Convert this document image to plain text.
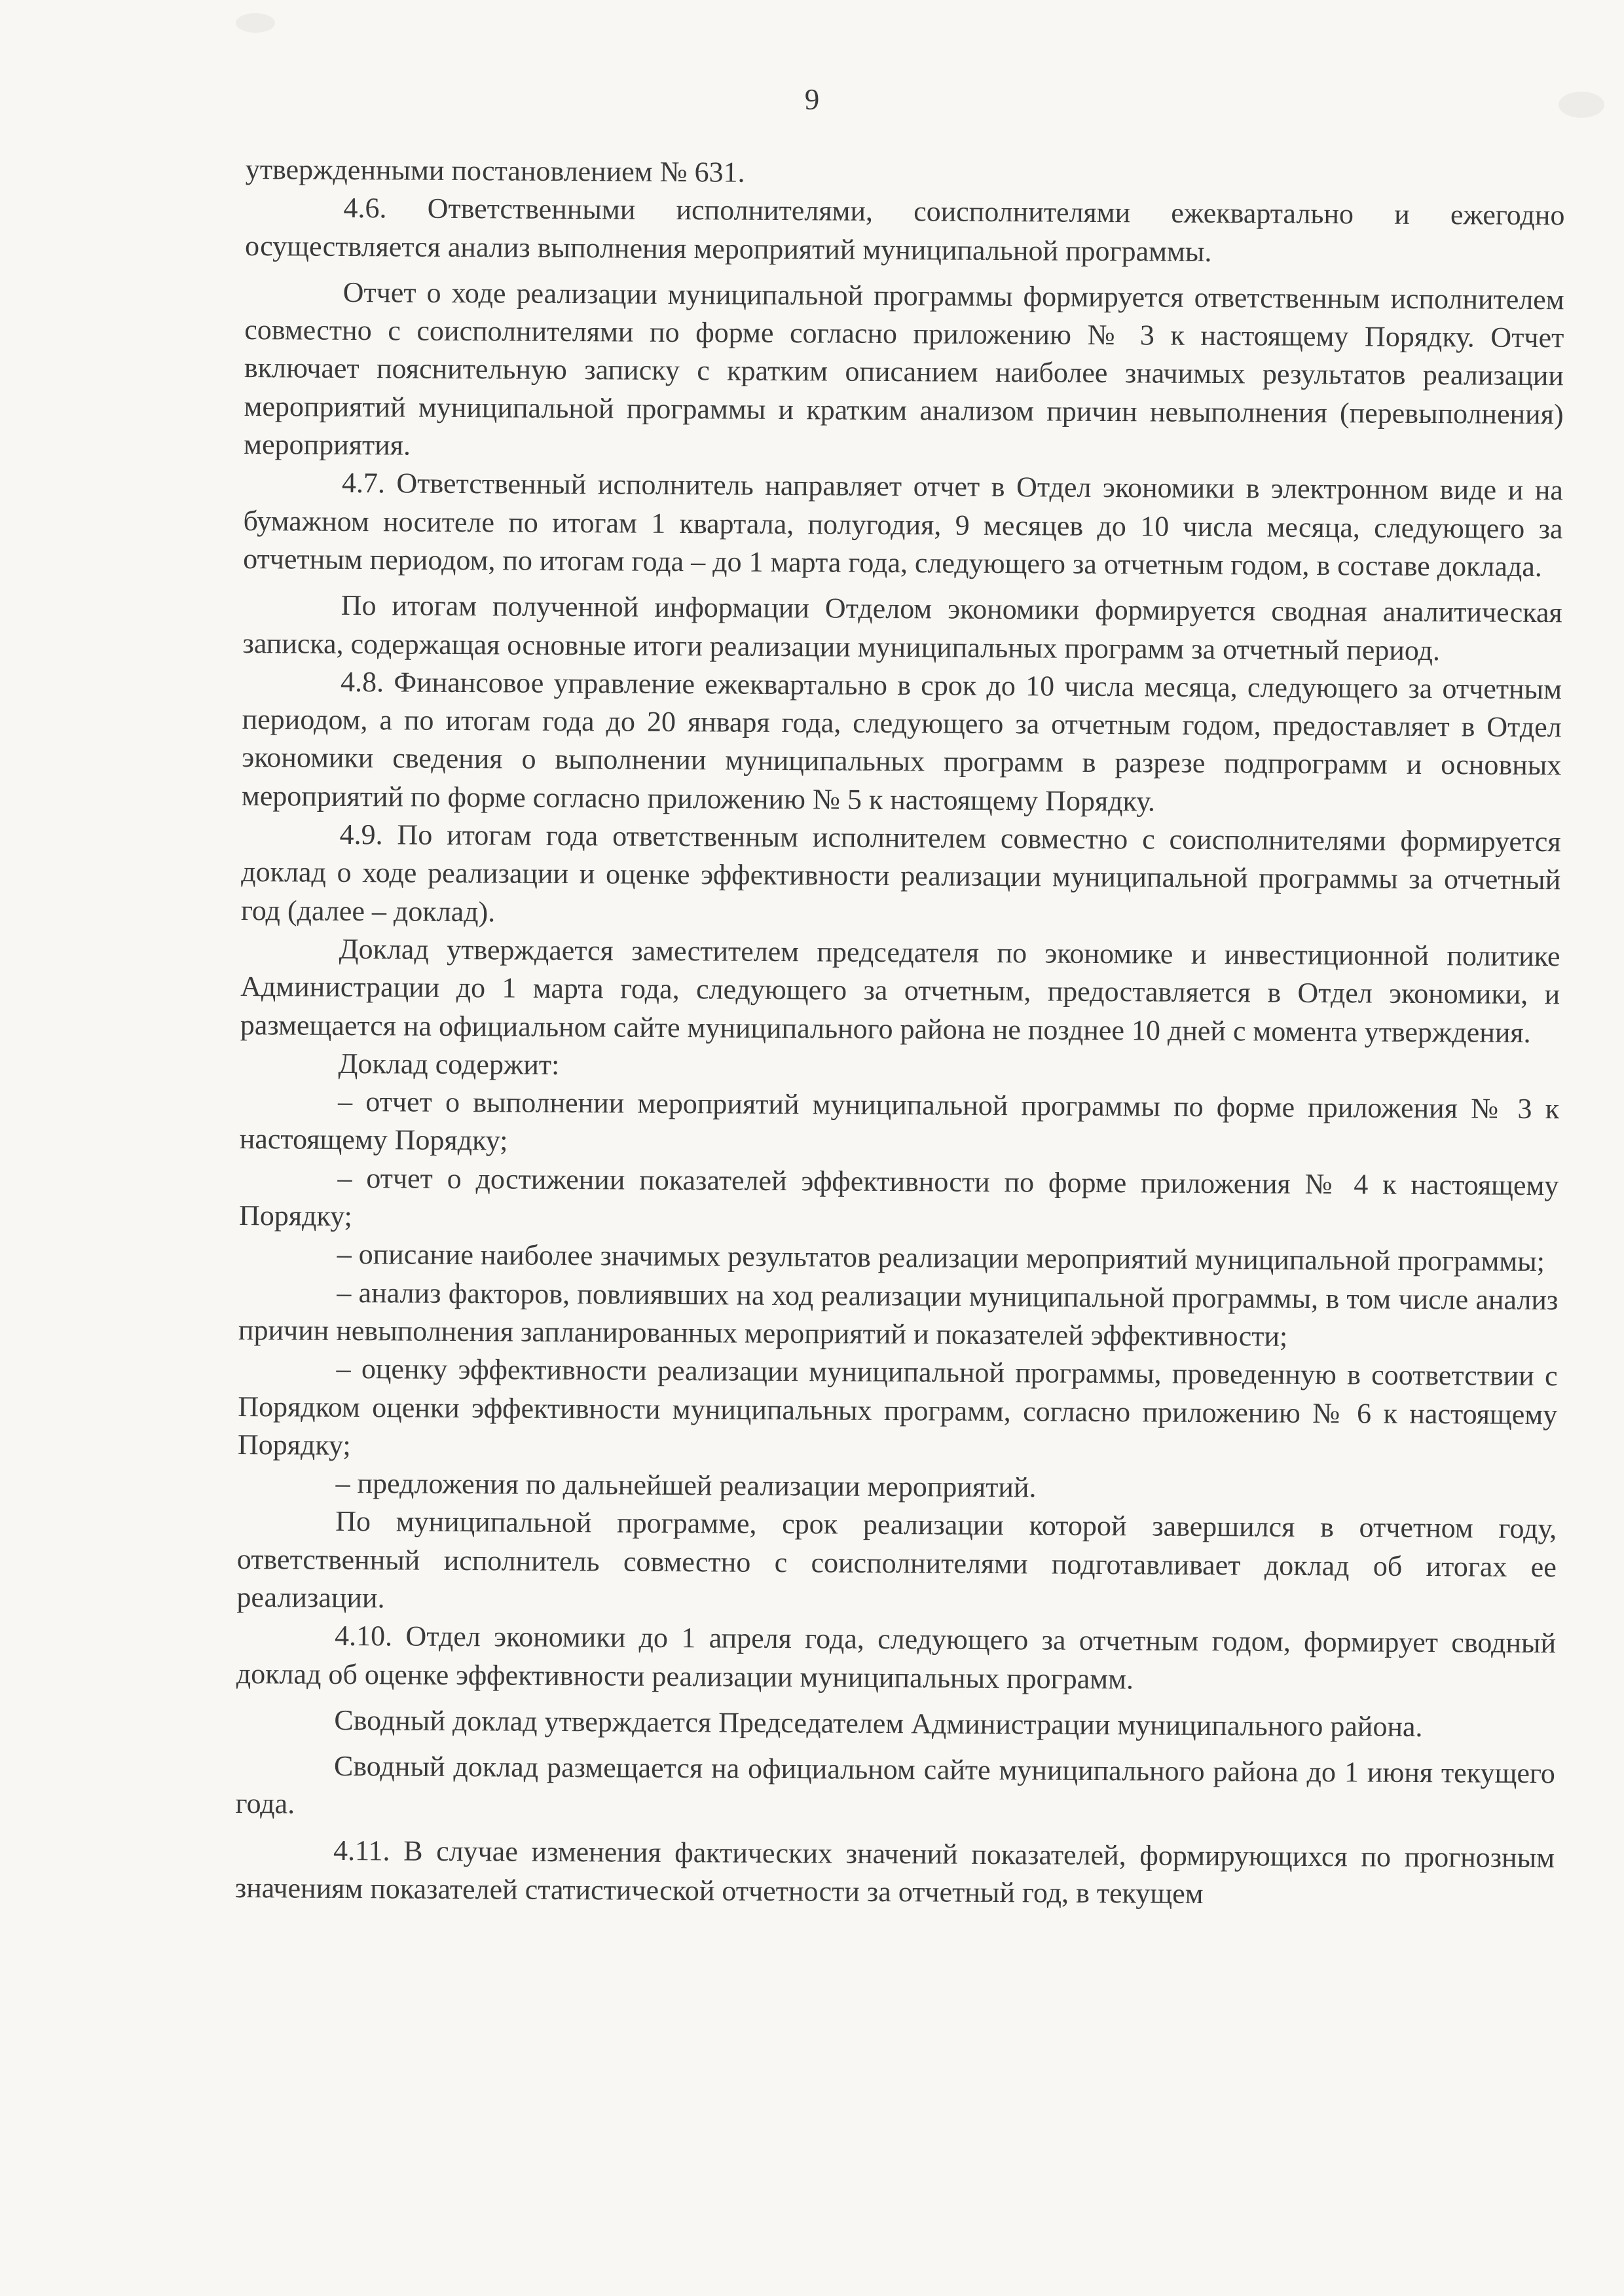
9

утвержденными постановлением № 631.

4.6. Ответственными исполнителями, соисполнителями ежеквартально и ежегодно осуществляется анализ выполнения мероприятий муниципальной программы.

Отчет о ходе реализации муниципальной программы формируется ответственным исполнителем совместно с соисполнителями по форме согласно приложению № 3 к настоящему Порядку. Отчет включает пояснительную записку с кратким описанием наиболее значимых результатов реализации мероприятий муниципальной программы и кратким анализом причин невыполнения (перевыполнения) мероприятия.

4.7. Ответственный исполнитель направляет отчет в Отдел экономики в электронном виде и на бумажном носителе по итогам 1 квартала, полугодия, 9 месяцев до 10 числа месяца, следующего за отчетным периодом, по итогам года – до 1 марта года, следующего за отчетным годом, в составе доклада.

По итогам полученной информации Отделом экономики формируется сводная аналитическая записка, содержащая основные итоги реализации муниципальных программ за отчетный период.

4.8. Финансовое управление ежеквартально в срок до 10 числа месяца, следующего за отчетным периодом, а по итогам года до 20 января года, следующего за отчетным годом, предоставляет в Отдел экономики сведения о выполнении муниципальных программ в разрезе подпрограмм и основных мероприятий по форме согласно приложению № 5 к настоящему Порядку.

4.9. По итогам года ответственным исполнителем совместно с соисполнителями формируется доклад о ходе реализации и оценке эффективности реализации муниципальной программы за отчетный год (далее – доклад).

Доклад утверждается заместителем председателя по экономике и инвестиционной политике Администрации до 1 марта года, следующего за отчетным, предоставляется в Отдел экономики, и размещается на официальном сайте муниципального района не позднее 10 дней с момента утверждения.

Доклад содержит:

– отчет о выполнении мероприятий муниципальной программы по форме приложения № 3 к настоящему Порядку;

– отчет о достижении показателей эффективности по форме приложения № 4 к настоящему Порядку;

– описание наиболее значимых результатов реализации мероприятий муниципальной программы;

– анализ факторов, повлиявших на ход реализации муниципальной программы, в том числе анализ причин невыполнения запланированных мероприятий и показателей эффективности;

– оценку эффективности реализации муниципальной программы, проведенную в соответствии с Порядком оценки эффективности муниципальных программ, согласно приложению № 6 к настоящему Порядку;

– предложения по дальнейшей реализации мероприятий.

По муниципальной программе, срок реализации которой завершился в отчетном году, ответственный исполнитель совместно с соисполнителями подготавливает доклад об итогах ее реализации.

4.10. Отдел экономики до 1 апреля года, следующего за отчетным годом, формирует сводный доклад об оценке эффективности реализации муниципальных программ.

Сводный доклад утверждается Председателем Администрации муниципального района.

Сводный доклад размещается на официальном сайте муниципального района до 1 июня текущего года.

4.11. В случае изменения фактических значений показателей, формирующихся по прогнозным значениям показателей статистической отчетности за отчетный год, в текущем
